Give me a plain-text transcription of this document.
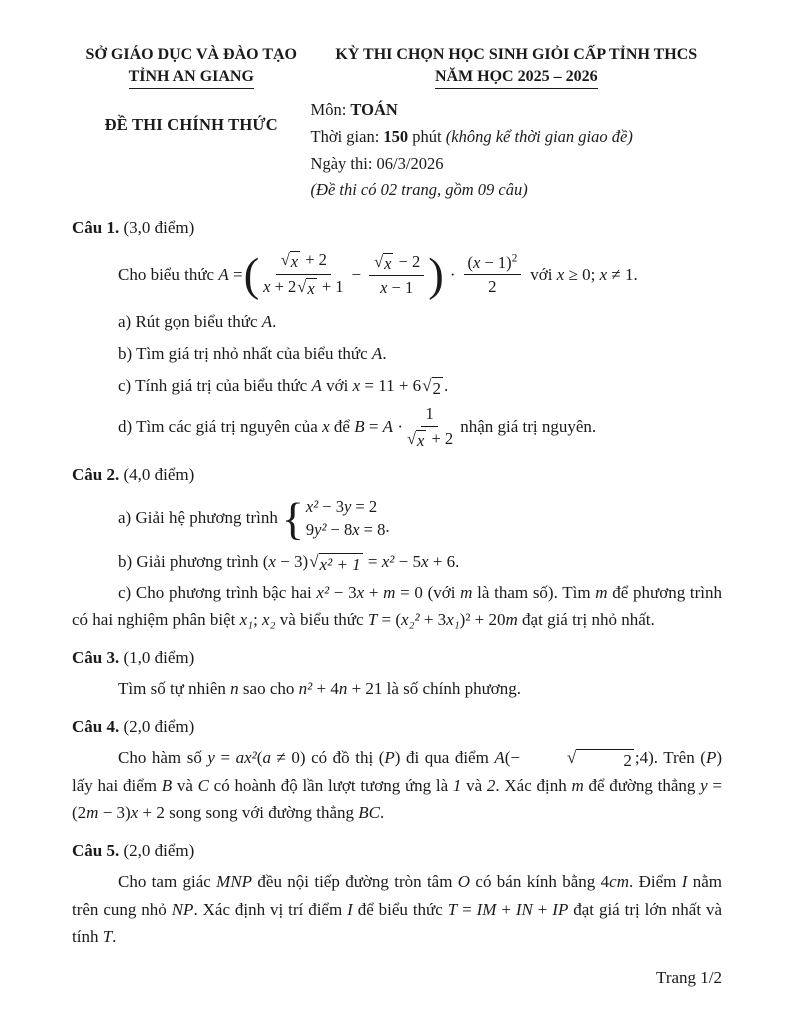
SỞ GIÁO DỤC VÀ ĐÀO TẠO
TỈNH AN GIANG
ĐỀ THI CHÍNH THỨC
KỲ THI CHỌN HỌC SINH GIỎI CẤP TỈNH THCS
NĂM HỌC 2025 – 2026
Môn: TOÁN
Thời gian: 150 phút (không kể thời gian giao đề)
Ngày thi: 06/3/2026
(Đề thi có 02 trang, gồm 09 câu)
Câu 1. (3,0 điểm)
Cho biểu thức A = ( $\frac{√ x + 2}{x + 2 √ x + 1} - \frac{√ x - 2}{x - 1}$ ) · $\frac{(x - 1)^2}{2}$ với x ≥ 0; x ≠ 1.
a) Rút gọn biểu thức A.
b) Tìm giá trị nhỏ nhất của biểu thức A.
c) Tính giá trị của biểu thức A với x = 11 + 6 √ 2 .
d) Tìm các giá trị nguyên của x để $B = A \cdot \frac{1}{√ x + 2}$ nhận giá trị nguyên.
Câu 2. (4,0 điểm)
a) Giải hệ phương trình { x² − 3y = 2
9y² − 8x = 8 .
b) Giải phương trình (x − 3) √ x² + 1 = x² − 5x + 6.
c) Cho phương trình bậc hai x² − 3x + m = 0 (với m là tham số). Tìm m để phương trình có hai nghiệm phân biệt x₁; x₂ và biểu thức T = (x₂² + 3x₁)² + 20m đạt giá trị nhỏ nhất.
Câu 3. (1,0 điểm)
Tìm số tự nhiên n sao cho n² + 4n + 21 là số chính phương.
Câu 4. (2,0 điểm)
Cho hàm số y = ax²(a ≠ 0) có đồ thị (P) đi qua điểm A(−	√	2 ;4). Trên (P) lấy hai điểm B và C có hoành độ lần lượt tương ứng là 1 và 2. Xác định m để đường thẳng y = (2m − 3)x + 2 song song với đường thẳng BC.
Câu 5. (2,0 điểm)
Cho tam giác MNP đều nội tiếp đường tròn tâm O có bán kính bằng 4cm. Điểm I nằm trên cung nhỏ NP. Xác định vị trí điểm I để biểu thức T = IM + IN + IP đạt giá trị lớn nhất và tính T.
Trang 1/2
